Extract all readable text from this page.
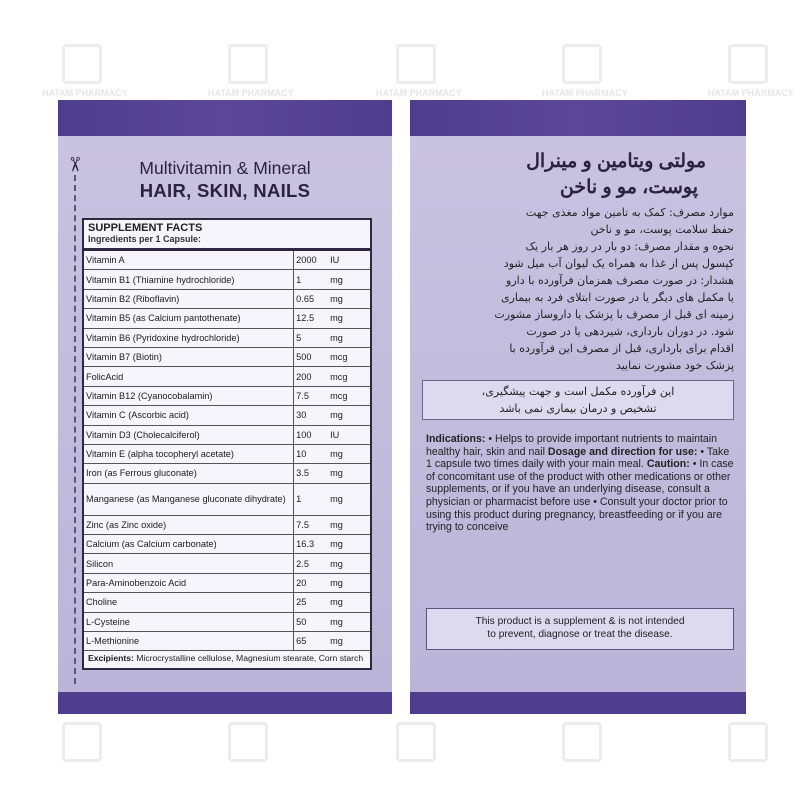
HATAM PHARMACY	HATAM PHARMACY	HATAM PHARMACY	HATAM PHARMACY	HATAM PHARMACY
✂	Multivitamin & Mineral
HAIR, SKIN, NAILS
SUPPLEMENT FACTS
Ingredients per 1 Capsule:
Vitamin A	2000	IU
Vitamin B1 (Thiamine hydrochloride)	1	mg
Vitamin B2 (Riboflavin)	0.65	mg
Vitamin B5 (as Calcium pantothenate)	12.5	mg
Vitamin B6 (Pyridoxine hydrochloride)	5	mg
Vitamin B7 (Biotin)	500	mcg
FolicAcid	200	mcg
Vitamin B12 (Cyanocobalamin)	7.5	mcg
Vitamin C (Ascorbic acid)	30	mg
Vitamin D3 (Cholecalciferol)	100	IU
Vitamin E (alpha tocopheryl acetate)	10	mg
Iron (as Ferrous gluconate)	3.5	mg
Manganese (as Manganese gluconate dihydrate)	1	mg
Zinc (as Zinc oxide)	7.5	mg
Calcium (as Calcium carbonate)	16.3	mg
Silicon	2.5	mg
Para-Aminobenzoic Acid	20	mg
Choline	25	mg
L-Cysteine	50	mg
L-Methionine	65	mg
Excipients: Microcrystalline cellulose, Magnesium stearate, Corn starch
مولتی ویتامین و مینرال
پوست، مو و ناخن
موارد مصرف: کمک به تامین مواد مغذی جهت
حفظ سلامت پوست، مو و ناخن
نحوه و مقدار مصرف: دو بار در روز هر بار یک
کپسول پس از غذا به همراه یک لیوان آب میل شود
هشدار: در صورت مصرف همزمان فرآورده با دارو
یا مکمل های دیگر یا در صورت ابتلای فرد به بیماری
زمینه ای قبل از مصرف با پزشک یا داروساز مشورت
شود. در دوران بارداری، شیردهی یا در صورت
اقدام برای بارداری، قبل از مصرف این فرآورده با
پزشک خود مشورت نمایید
این فرآورده مکمل است و جهت پیشگیری،
تشخیص و درمان بیماری نمی باشد
Indications: • Helps to provide important nutrients to maintain healthy hair, skin and nail Dosage and direction for use: • Take 1 capsule two times daily with your main meal. Caution: • In case of concomitant use of the product with other medications or other supplements, or if you have an underlying disease, consult a physician or pharmacist before use • Consult your doctor prior to using this product during pregnancy, breastfeeding or if you are trying to conceive
This product is a supplement & is not intended
to prevent, diagnose or treat the disease.
